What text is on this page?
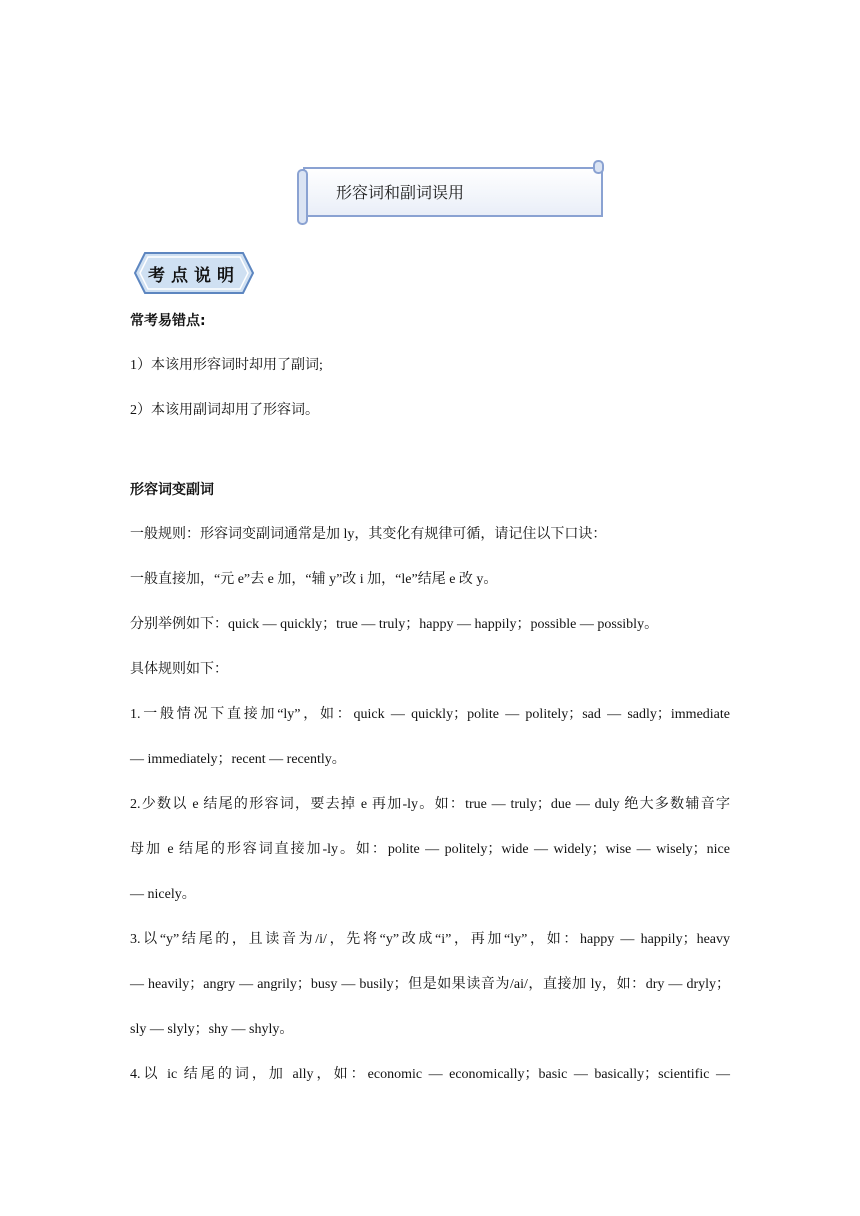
形容词和副词误用
考点说明
常考易错点:
1）本该用形容词时却用了副词;
2）本该用副词却用了形容词。
形容词变副词
一般规则：形容词变副词通常是加 ly，其变化有规律可循，请记住以下口诀：
一般直接加，“元 e”去 e 加，“辅 y”改 i 加，“le”结尾 e 改 y。
分别举例如下：quick — quickly；true — truly；happy — happily；possible — possibly。
具体规则如下：
1.一般情况下直接加“ly”，如：quick — quickly；polite — politely；sad — sadly；immediate
— immediately；recent — recently。
2.少数以 e 结尾的形容词，要去掉 e 再加-ly。如：true — truly；due — duly 绝大多数辅音字
母加 e 结尾的形容词直接加-ly。如：polite — politely；wide — widely；wise — wisely；nice
— nicely。
3.以“y”结尾的，且读音为/i/，先将“y”改成“i”，再加“ly”，如：happy — happily；heavy
— heavily；angry — angrily；busy — busily；但是如果读音为/ai/，直接加 ly，如：dry — dryly；
sly — slyly；shy — shyly。
4.以 ic 结尾的词，加 ally，如：economic — economically；basic — basically；scientific —
